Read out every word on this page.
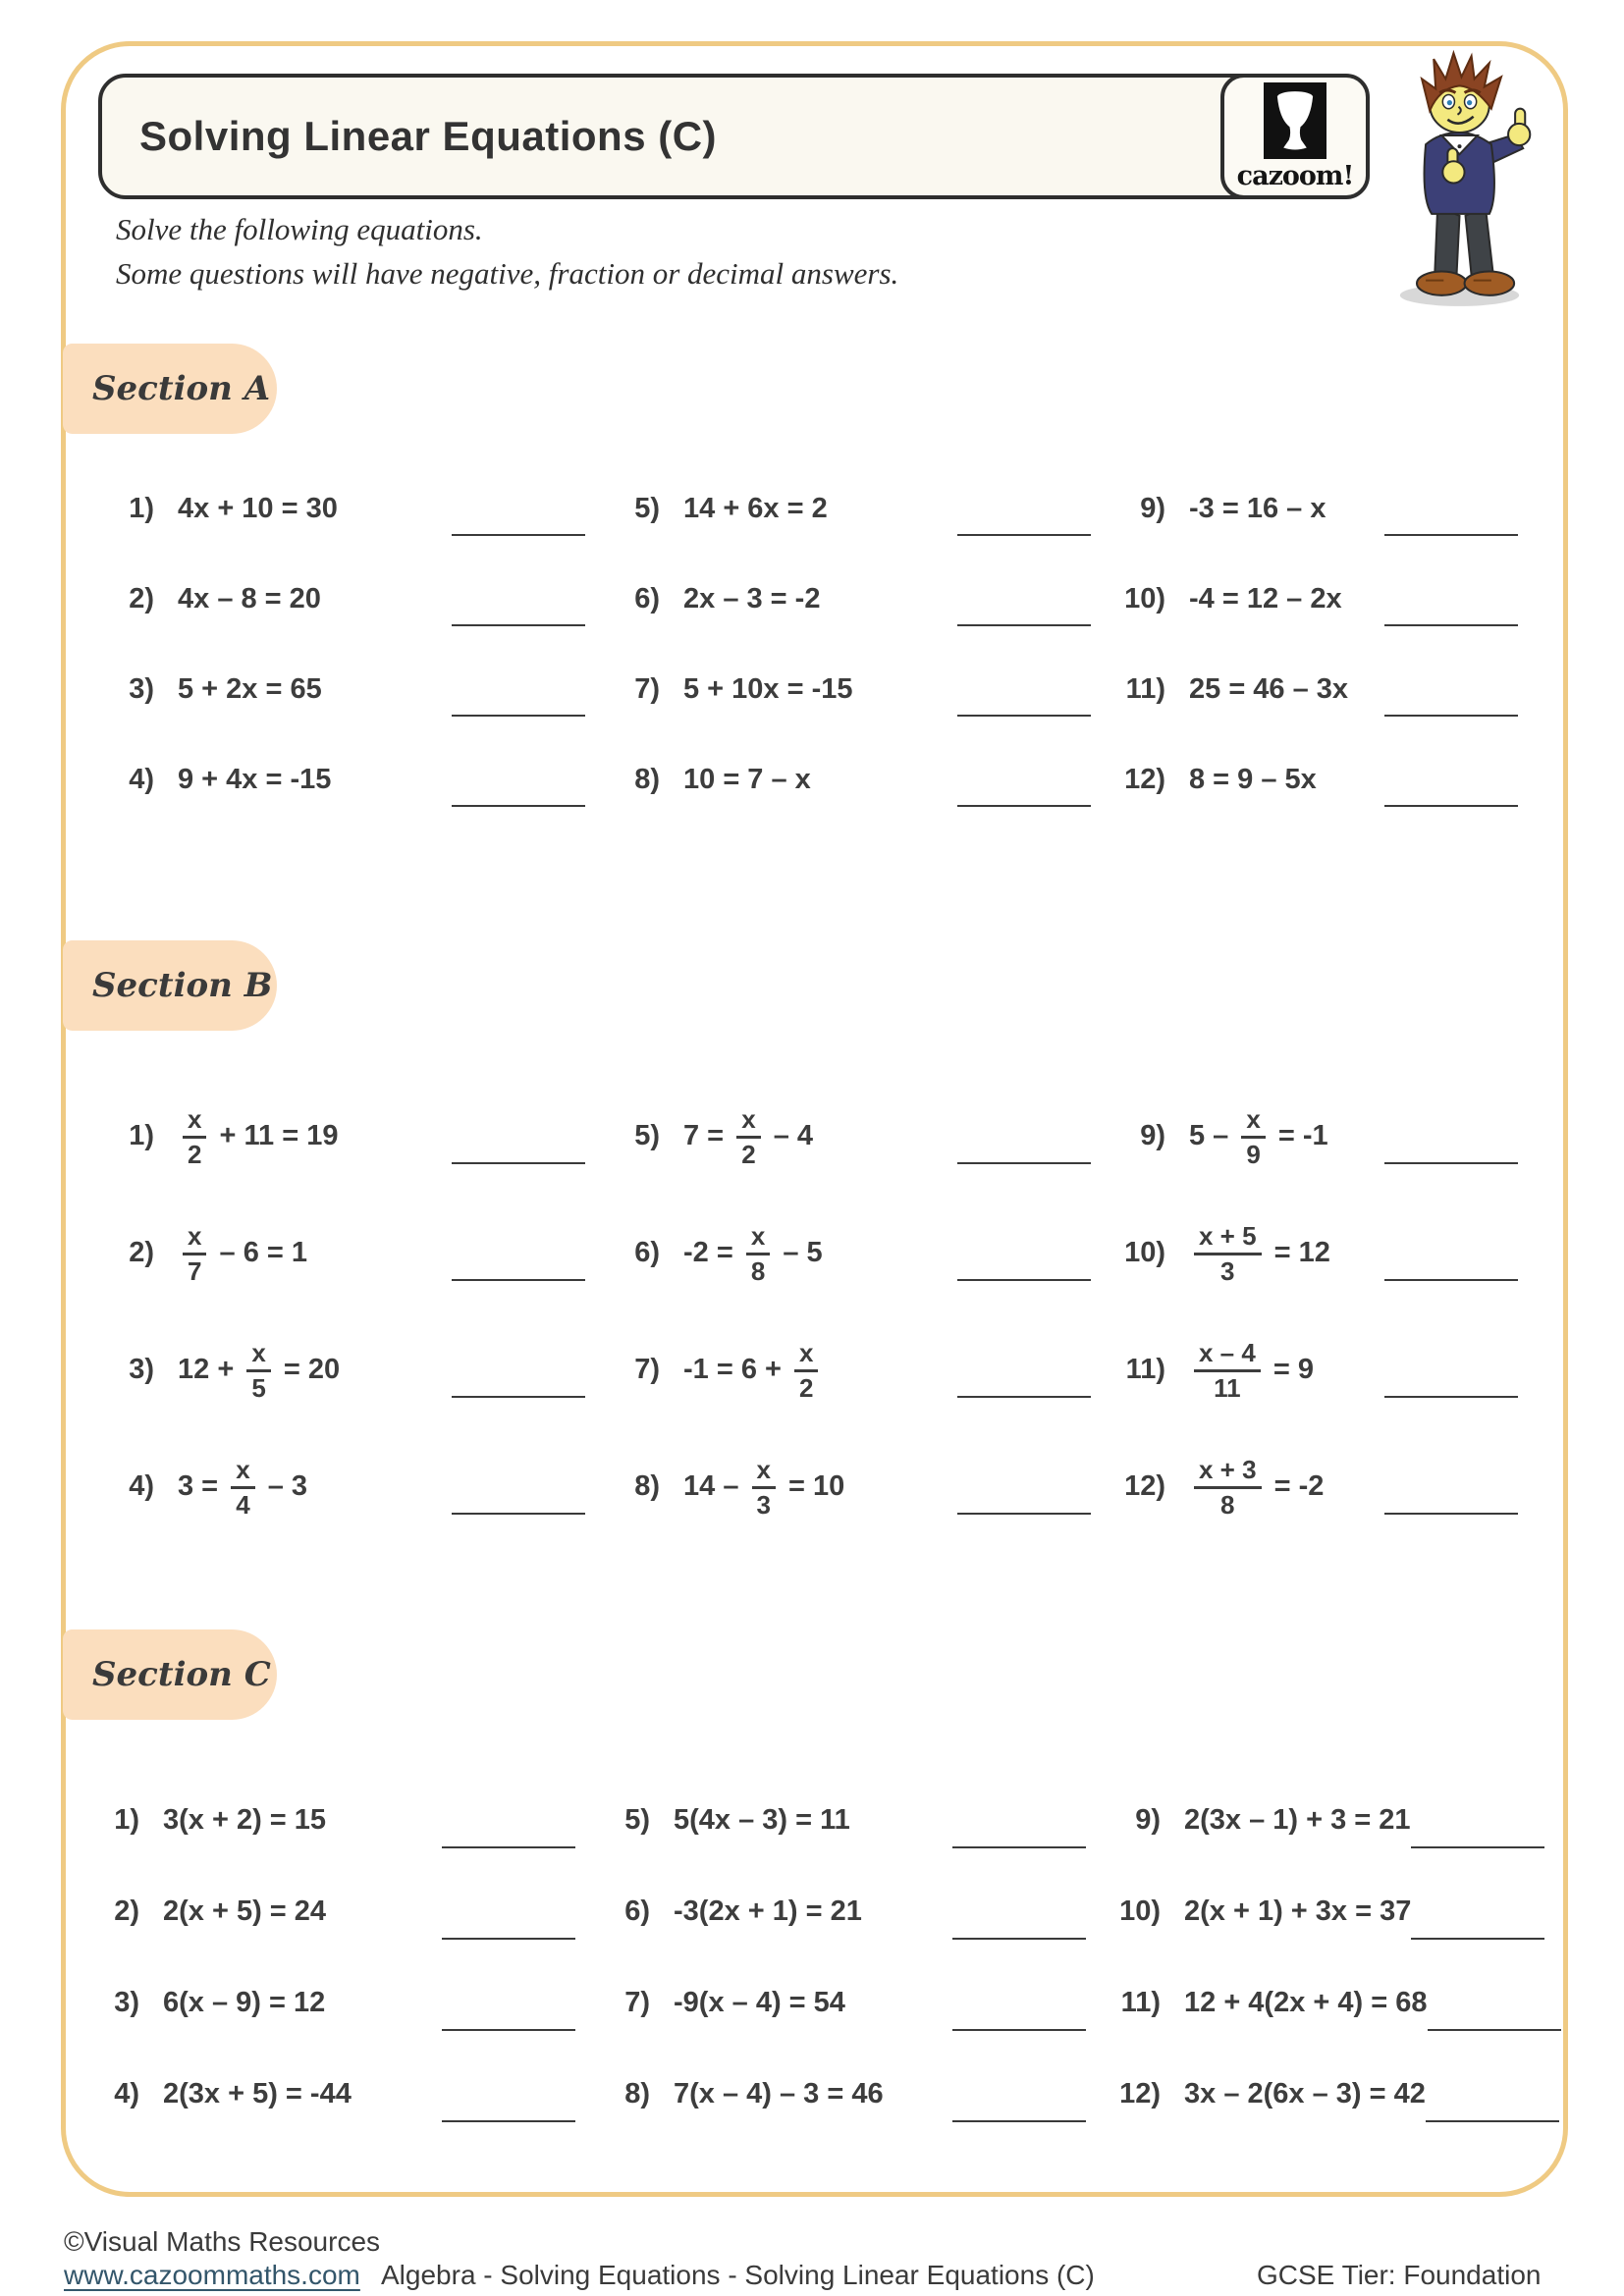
Solving Linear Equations (C)
cazoom!
Solve the following equations.
Some questions will have negative, fraction or decimal answers.
Section A
1) 4x + 10 = 30
2) 4x – 8 = 20
3) 5 + 2x = 65
4) 9 + 4x = -15
5) 14 + 6x = 2
6) 2x – 3 = -2
7) 5 + 10x = -15
8) 10 = 7 – x
9) -3 = 16 – x
10) -4 = 12 – 2x
11) 25 = 46 – 3x
12) 8 = 9 – 5x
Section B
$1) \frac{x}{2} + 11 = 19$
$2) \frac{x}{7} - 6 = 1$
3) $12 + \frac{x}{5} = 20$
4) $3 = \frac{x}{4} - 3$
5) $7 = \frac{x}{2} - 4$
6) $-2 = \frac{x}{8} - 5$
7) $-1 = 6 + \frac{x}{2}$
8) $14 - \frac{x}{3} = 10$
9) $5 - \frac{x}{9} = -1$
$10) \frac{x + 5}{3} = 12$
$11) \frac{x - 4}{11} = 9$
$12) \frac{x + 3}{8} = -2$
Section C
1) 3(x + 2) = 15
2) 2(x + 5) = 24
3) 6(x – 9) = 12
4) 2(3x + 5) = -44
5) 5(4x – 3) = 11
6) -3(2x + 1) = 21
7) -9(x – 4) = 54
8) 7(x – 4) – 3 = 46
9) 2(3x – 1) + 3 = 21
10) 2(x + 1) + 3x = 37
11) 12 + 4(2x + 4) = 68
12) 3x – 2(6x – 3) = 42
©Visual Maths Resources
www.cazoommaths.com Algebra - Solving Equations - Solving Linear Equations (C)	GCSE Tier: Foundation
